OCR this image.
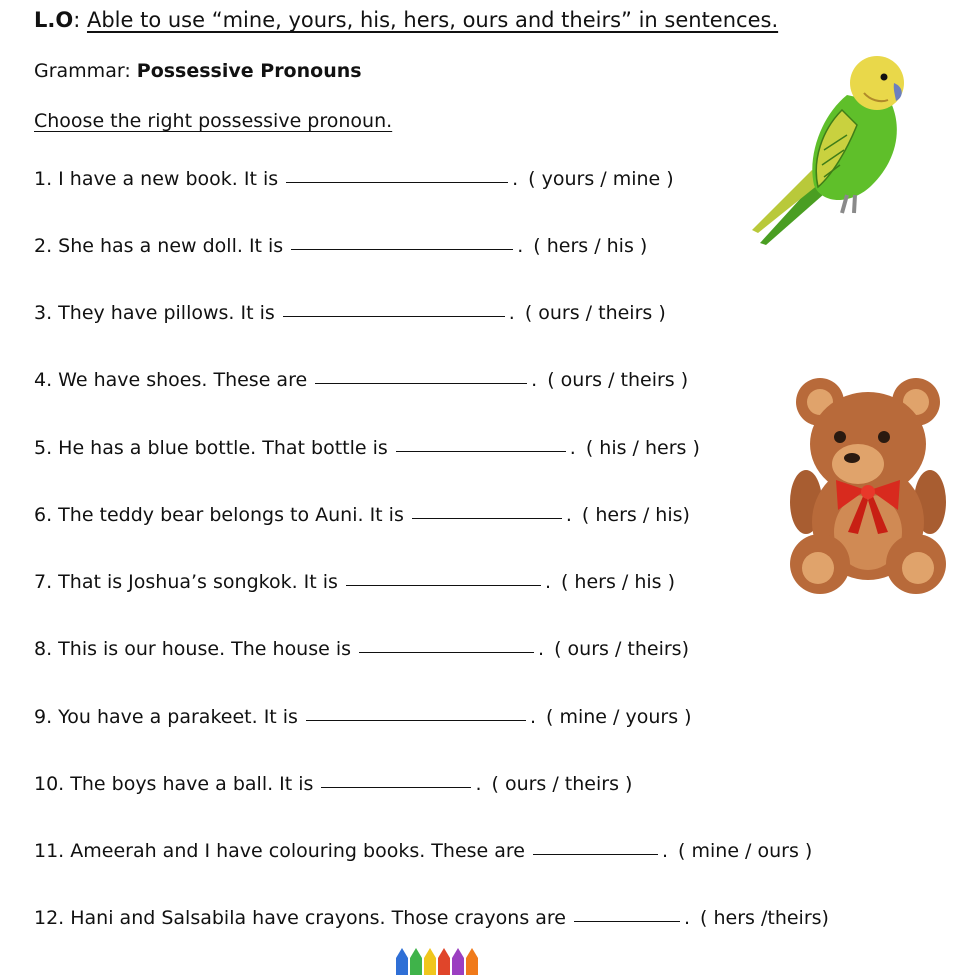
L.O: Able to use “mine, yours, his, hers, ours and theirs” in sentences.
Grammar: Possessive Pronouns
Choose the right possessive pronoun.
1. I have a new book. It is	. ( yours / mine )
2. She has a new doll. It is	. ( hers / his )
3. They have pillows. It is	. ( ours / theirs )
4. We have shoes. These are	. ( ours / theirs )
5. He has a blue bottle. That bottle is	. ( his / hers )
6. The teddy bear belongs to Auni. It is	. ( hers / his)
7. That is Joshua’s songkok. It is	. ( hers / his )
8. This is our house. The house is	. ( ours / theirs)
9. You have a parakeet. It is	. ( mine / yours )
10. The boys have a ball. It is	. ( ours / theirs )
11. Ameerah and I have colouring books. These are	. ( mine / ours )
12. Hani and Salsabila have crayons. Those crayons are	. ( hers /theirs)
